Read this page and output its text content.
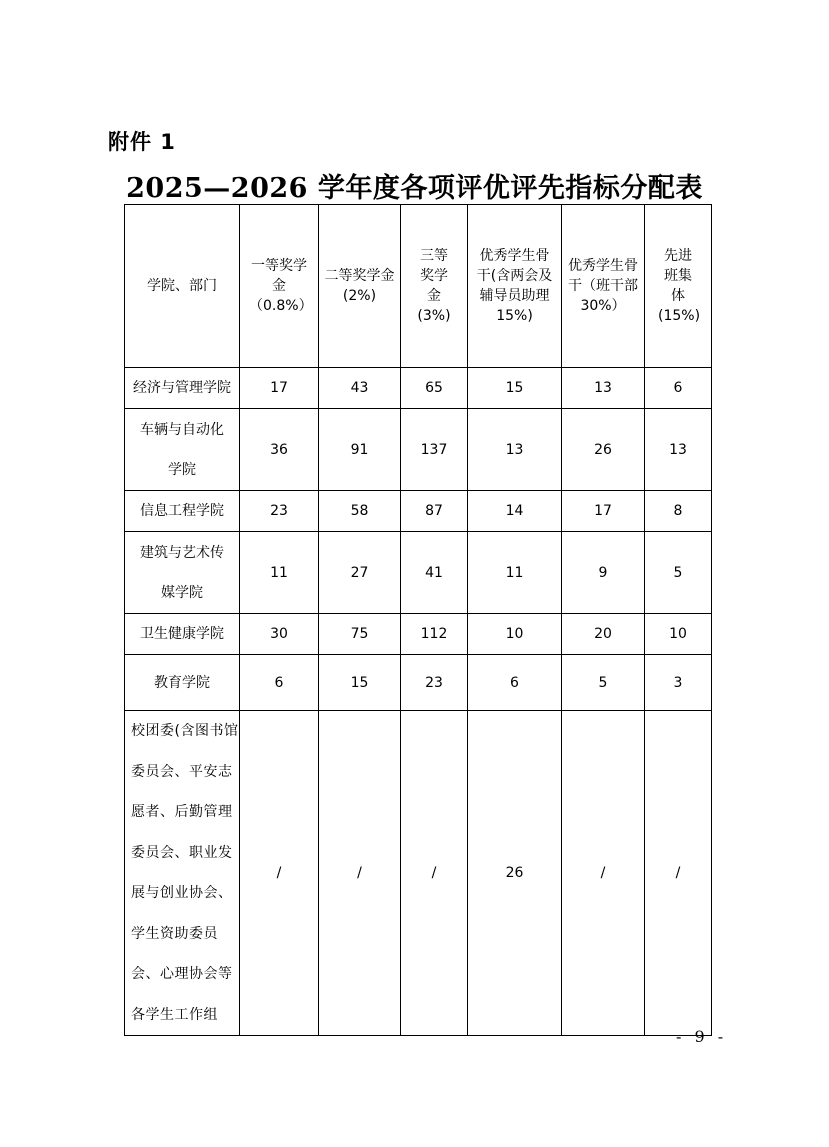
附件 1
2025—2026 学年度各项评优评先指标分配表
学院、部门	一等奖学金（0.8%）	二等奖学金(2%)	三等奖学金(3%)	优秀学生骨干(含两会及辅导员助理15%)	优秀学生骨干（班干部30%）	先进班集体(15%)
经济与管理学院	17	43	65	15	13	6
车辆与自动化学院	36	91	137	13	26	13
信息工程学院	23	58	87	14	17	8
建筑与艺术传媒学院	11	27	41	11	9	5
卫生健康学院	30	75	112	10	20	10
教育学院	6	15	23	6	5	3
校团委(含图书馆委员会、平安志愿者、后勤管理委员会、职业发展与创业协会、学生资助委员会、心理协会等各学生工作组	/	/	/	26	/	/
- 9 -
